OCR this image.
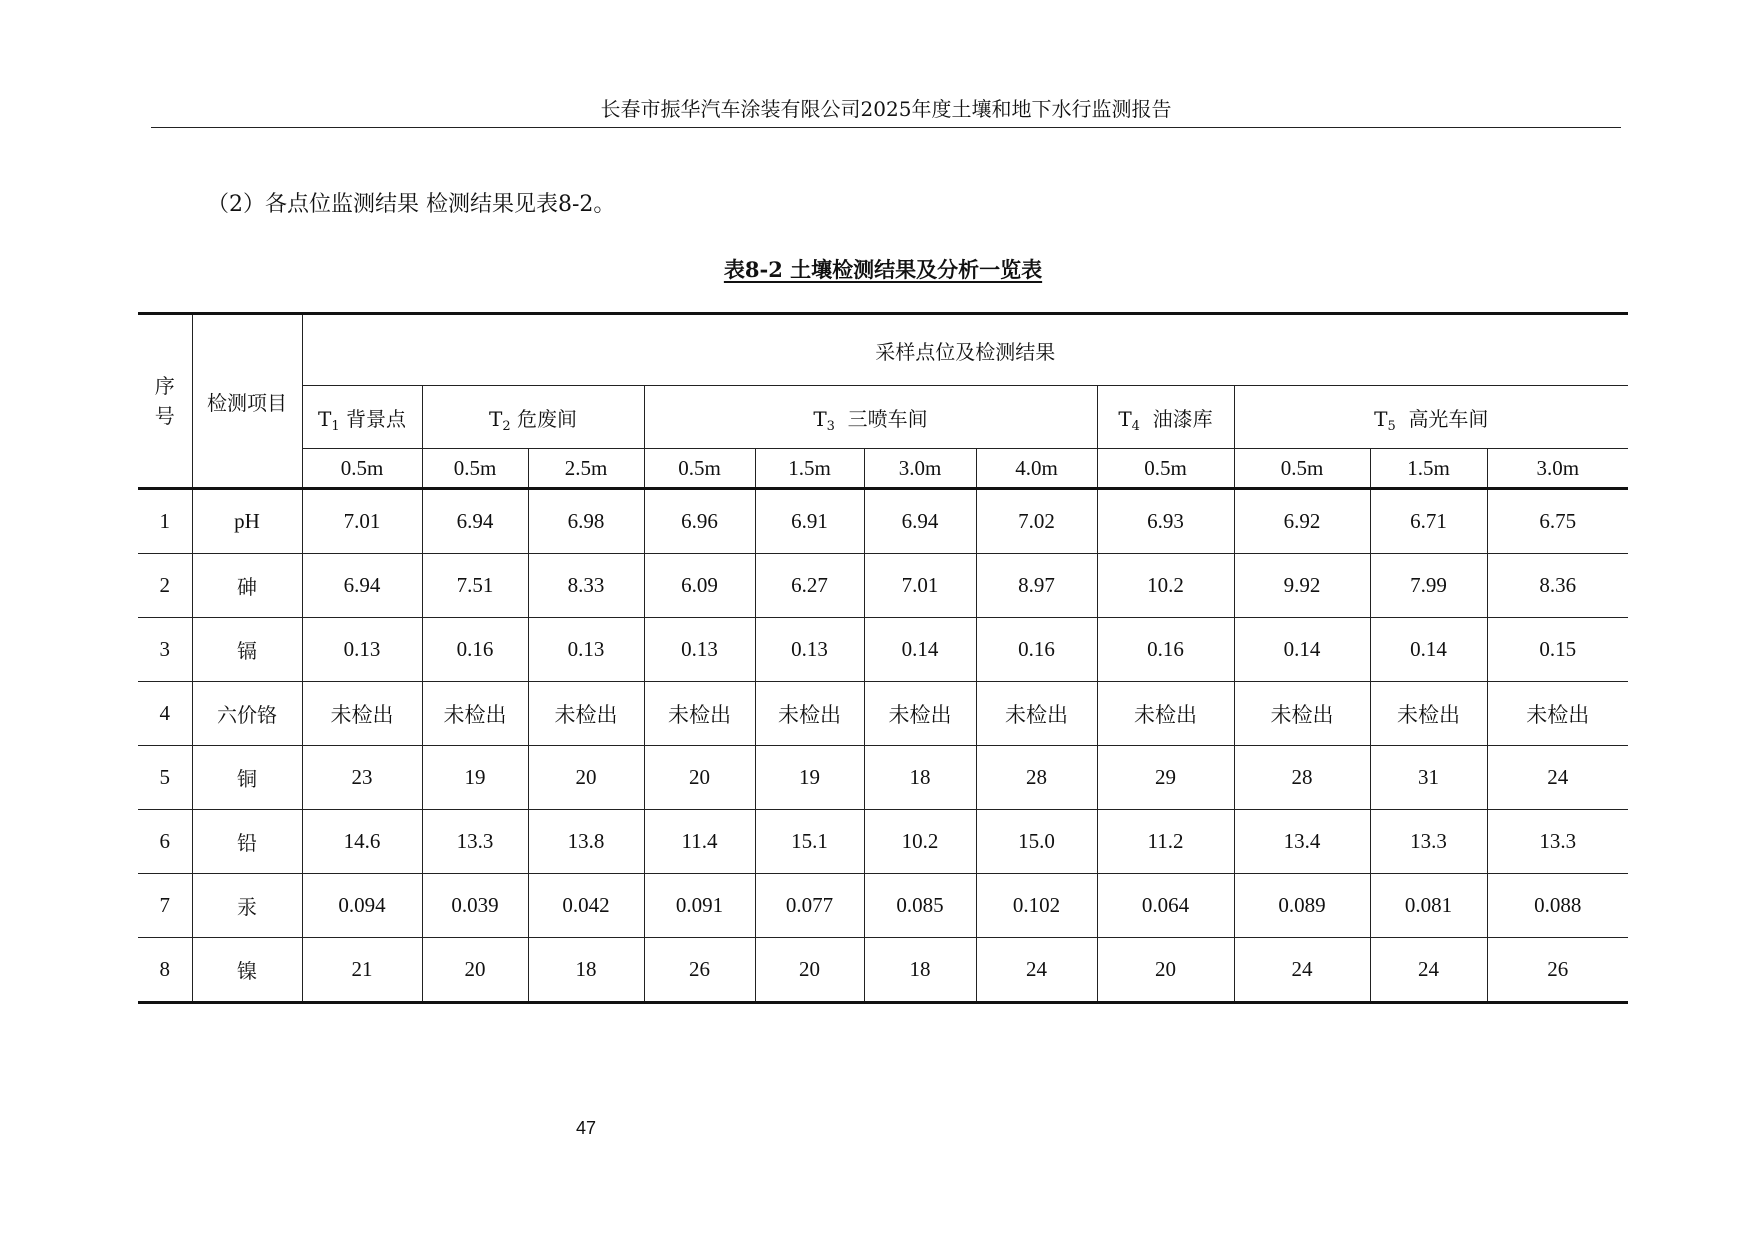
长春市振华汽车涂装有限公司2025年度土壤和地下水行监测报告
（2）各点位监测结果 检测结果见表8-2。
表8-2 土壤检测结果及分析一览表
序号	检测项目	采样点位及检测结果										
		$T_1$ 背景点	$T_2$ 危废间		$T_3$ 三喷车间				$T_4$ 油漆库	$T_5$ 高光车间		
		0.5m	0.5m	2.5m	0.5m	1.5m	3.0m	4.0m	0.5m	0.5m	1.5m	3.0m
1	pH	7.01	6.94	6.98	6.96	6.91	6.94	7.02	6.93	6.92	6.71	6.75
2	砷	6.94	7.51	8.33	6.09	6.27	7.01	8.97	10.2	9.92	7.99	8.36
3	镉	0.13	0.16	0.13	0.13	0.13	0.14	0.16	0.16	0.14	0.14	0.15
4	六价铬	未检出	未检出	未检出	未检出	未检出	未检出	未检出	未检出	未检出	未检出	未检出
5	铜	23	19	20	20	19	18	28	29	28	31	24
6	铅	14.6	13.3	13.8	11.4	15.1	10.2	15.0	11.2	13.4	13.3	13.3
7	汞	0.094	0.039	0.042	0.091	0.077	0.085	0.102	0.064	0.089	0.081	0.088
8	镍	21	20	18	26	20	18	24	20	24	24	26
47
